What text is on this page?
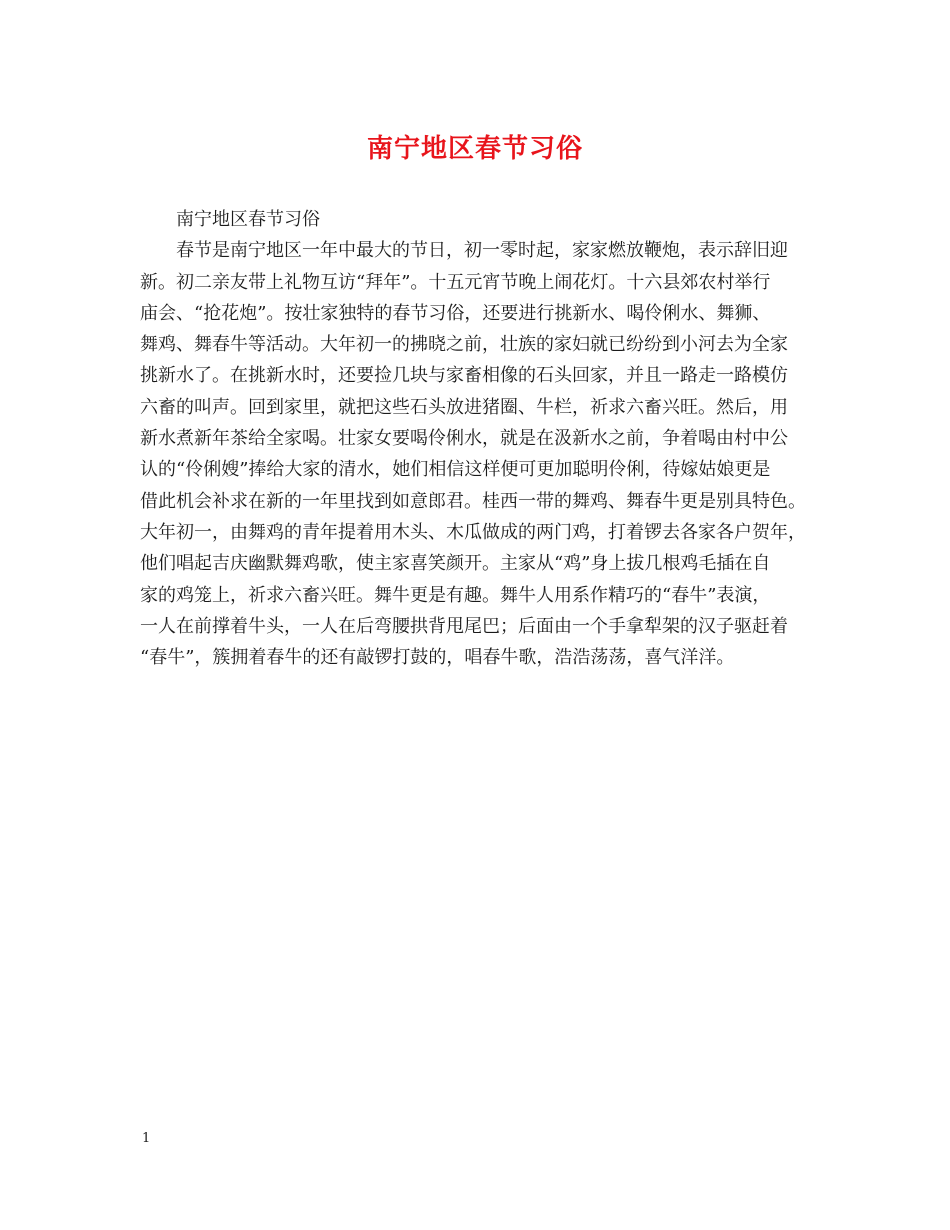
南宁地区春节习俗
南宁地区春节习俗
春节是南宁地区一年中最大的节日，初一零时起，家家燃放鞭炮，表示辞旧迎
新。初二亲友带上礼物互访“拜年”。十五元宵节晚上闹花灯。十六县郊农村举行
庙会、“抢花炮”。按壮家独特的春节习俗，还要进行挑新水、喝伶俐水、舞狮、
舞鸡、舞春牛等活动。大年初一的拂晓之前，壮族的家妇就已纷纷到小河去为全家
挑新水了。在挑新水时，还要捡几块与家畜相像的石头回家，并且一路走一路模仿
六畜的叫声。回到家里，就把这些石头放进猪圈、牛栏，祈求六畜兴旺。然后，用
新水煮新年茶给全家喝。壮家女要喝伶俐水，就是在汲新水之前，争着喝由村中公
认的“伶俐嫂”捧给大家的清水，她们相信这样便可更加聪明伶俐，待嫁姑娘更是
借此机会补求在新的一年里找到如意郎君。桂西一带的舞鸡、舞春牛更是别具特色。
大年初一，由舞鸡的青年提着用木头、木瓜做成的两门鸡，打着锣去各家各户贺年，
他们唱起吉庆幽默舞鸡歌，使主家喜笑颜开。主家从“鸡”身上拔几根鸡毛插在自
家的鸡笼上，祈求六畜兴旺。舞牛更是有趣。舞牛人用系作精巧的“春牛”表演，
一人在前撑着牛头，一人在后弯腰拱背甩尾巴；后面由一个手拿犁架的汉子驱赶着
“春牛”，簇拥着春牛的还有敲锣打鼓的，唱春牛歌，浩浩荡荡，喜气洋洋。
1
